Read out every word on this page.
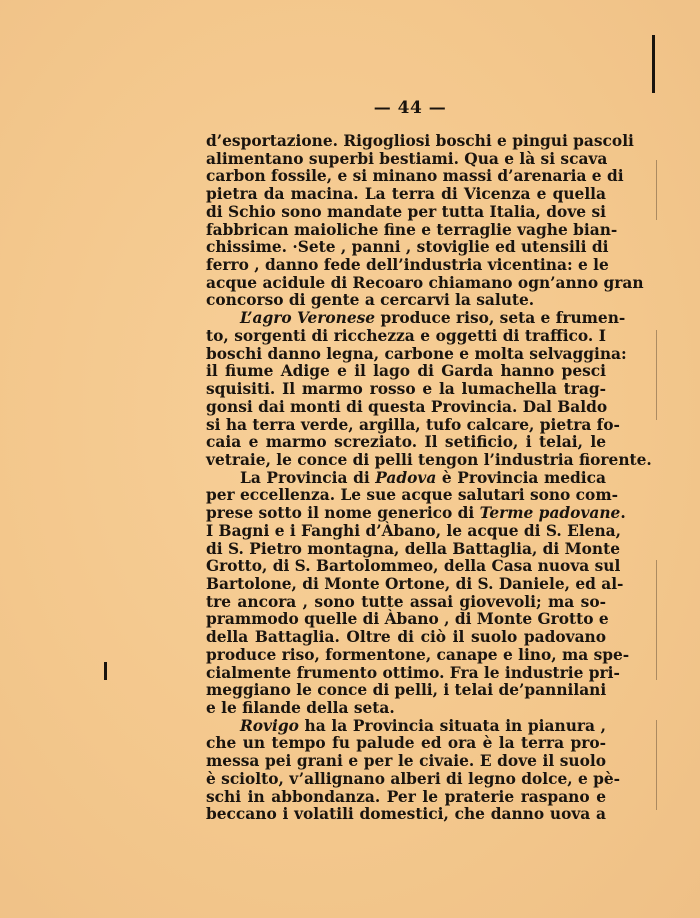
— 44 —
d’esportazione. Rigogliosi boschi e pingui pascoli
alimentano superbi bestiami. Qua e là si scava
carbon fossile, e si minano massi d’arenaria e di
pietra da macina. La terra di Vicenza e quella
di Schio sono mandate per tutta Italia, dove si
fabbrican maioliche fine e terraglie vaghe bian-
chissime. ·Sete , panni , stoviglie ed utensili di
ferro , danno fede dell’industria vicentina: e le
acque acidule di Recoaro chiamano ogn’anno gran
concorso di gente a cercarvi la salute.
L’agro Veronese produce riso, seta e frumen-
to, sorgenti di ricchezza e oggetti di traffico. I
boschi danno legna, carbone e molta selvaggina:
il fiume Adige e il lago di Garda hanno pesci
squisiti. Il marmo rosso e la lumachella trag-
gonsi dai monti di questa Provincia. Dal Baldo
si ha terra verde, argilla, tufo calcare, pietra fo-
caia e marmo screziato. Il setificio, i telai, le
vetraie, le conce di pelli tengon l’industria fiorente.
La Provincia di Padova è Provincia medica
per eccellenza. Le sue acque salutari sono com-
prese sotto il nome generico di Terme padovane.
I Bagni e i Fanghi d’Àbano, le acque di S. Elena,
di S. Pietro montagna, della Battaglia, di Monte
Grotto, di S. Bartolommeo, della Casa nuova sul
Bartolone, di Monte Ortone, di S. Daniele, ed al-
tre ancora , sono tutte assai giovevoli; ma so-
prammodo quelle di Àbano , di Monte Grotto e
della Battaglia. Oltre di ciò il suolo padovano
produce riso, formentone, canape e lino, ma spe-
cialmente frumento ottimo. Fra le industrie pri-
meggiano le conce di pelli, i telai de’pannilani
e le filande della seta.
Rovigo ha la Provincia situata in pianura ,
che un tempo fu palude ed ora è la terra pro-
messa pei grani e per le civaie. E dove il suolo
è sciolto, v’allignano alberi di legno dolce, e pè-
schi in abbondanza. Per le praterie raspano e
beccano i volatili domestici, che danno uova a
